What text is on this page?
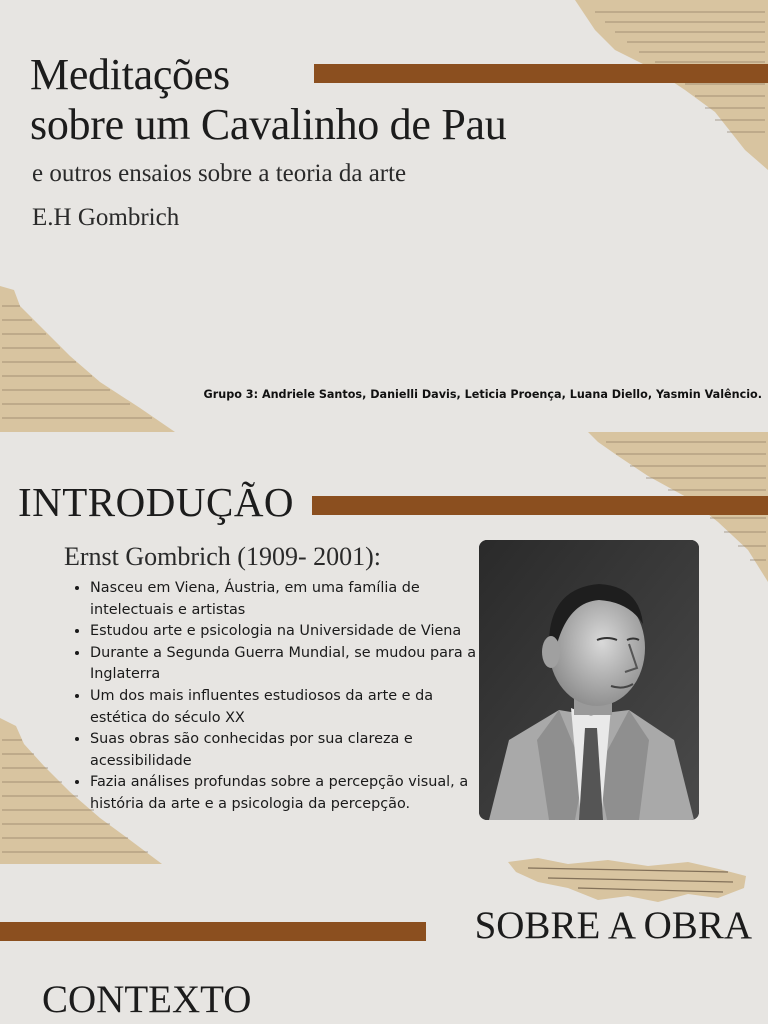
Meditações
sobre um Cavalinho de Pau
e outros ensaios sobre a teoria da arte
E.H Gombrich
Grupo 3: Andriele Santos, Danielli Davis, Leticia Proença, Luana Diello, Yasmin Valêncio.
INTRODUÇÃO
Ernst Gombrich (1909- 2001):
• Nasceu em Viena, Áustria, em uma família de intelectuais e artistas
• Estudou arte e psicologia na Universidade de Viena
• Durante a Segunda Guerra Mundial, se mudou para a Inglaterra
• Um dos mais influentes estudiosos da arte e da estética do século XX
• Suas obras são conhecidas por sua clareza e acessibilidade
• Fazia análises profundas sobre a percepção visual, a história da arte e a psicologia da percepção.
SOBRE A OBRA
CONTEXTO
